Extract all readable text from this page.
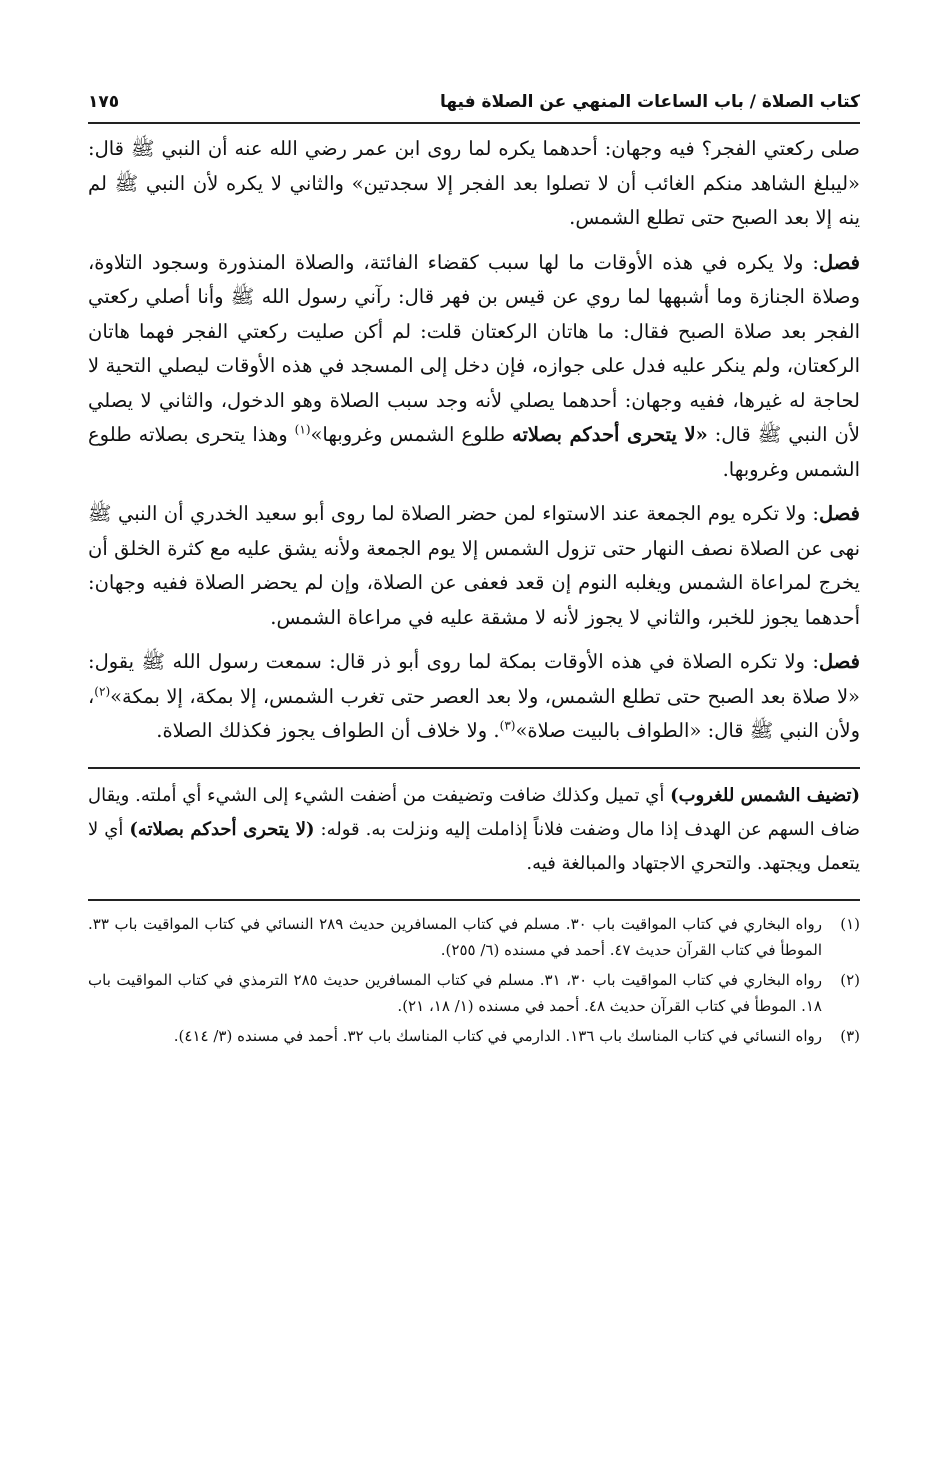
كتاب الصلاة / باب الساعات المنهي عن الصلاة فيها
١٧٥

صلى ركعتي الفجر؟ فيه وجهان: أحدهما يكره لما روى ابن عمر رضي الله عنه أن النبي ﷺ قال: «ليبلغ الشاهد منكم الغائب أن لا تصلوا بعد الفجر إلا سجدتين» والثاني لا يكره لأن النبي ﷺ لم ينه إلا بعد الصبح حتى تطلع الشمس.

فصل: ولا يكره في هذه الأوقات ما لها سبب كقضاء الفائتة، والصلاة المنذورة وسجود التلاوة، وصلاة الجنازة وما أشبهها لما روي عن قيس بن فهر قال: رآني رسول الله ﷺ وأنا أصلي ركعتي الفجر بعد صلاة الصبح فقال: ما هاتان الركعتان قلت: لم أكن صليت ركعتي الفجر فهما هاتان الركعتان، ولم ينكر عليه فدل على جوازه، فإن دخل إلى المسجد في هذه الأوقات ليصلي التحية لا لحاجة له غيرها، ففيه وجهان: أحدهما يصلي لأنه وجد سبب الصلاة وهو الدخول، والثاني لا يصلي لأن النبي ﷺ قال: «لا يتحرى أحدكم بصلاته طلوع الشمس وغروبها»$^{(١)}$ وهذا يتحرى بصلاته طلوع الشمس وغروبها.

فصل: ولا تكره يوم الجمعة عند الاستواء لمن حضر الصلاة لما روى أبو سعيد الخدري أن النبي ﷺ نهى عن الصلاة نصف النهار حتى تزول الشمس إلا يوم الجمعة ولأنه يشق عليه مع كثرة الخلق أن يخرج لمراعاة الشمس ويغلبه النوم إن قعد فعفى عن الصلاة، وإن لم يحضر الصلاة ففيه وجهان: أحدهما يجوز للخبر، والثاني لا يجوز لأنه لا مشقة عليه في مراعاة الشمس.

فصل: ولا تكره الصلاة في هذه الأوقات بمكة لما روى أبو ذر قال: سمعت رسول الله ﷺ يقول: «لا صلاة بعد الصبح حتى تطلع الشمس، ولا بعد العصر حتى تغرب الشمس، إلا بمكة، إلا بمكة»$^{(٢)}$، ولأن النبي ﷺ قال: «الطواف بالبيت صلاة»$^{(٣)}$. ولا خلاف أن الطواف يجوز فكذلك الصلاة.

(تضيف الشمس للغروب) أي تميل وكذلك ضافت وتضيفت من أضفت الشيء إلى الشيء أي أملته. ويقال ضاف السهم عن الهدف إذا مال وضفت فلاناً إذاملت إليه ونزلت به. قوله: (لا يتحرى أحدكم بصلاته) أي لا يتعمل ويجتهد. والتحري الاجتهاد والمبالغة فيه.

(١)رواه البخاري في كتاب المواقيت باب ٣٠. مسلم في كتاب المسافرين حديث ٢٨٩ النسائي في كتاب المواقيت باب ٣٣. الموطأ في كتاب القرآن حديث ٤٧. أحمد في مسنده (٦/ ٢٥٥).

(٢)رواه البخاري في كتاب المواقيت باب ٣٠، ٣١. مسلم في كتاب المسافرين حديث ٢٨٥ الترمذي في كتاب المواقيت باب ١٨. الموطأ في كتاب القرآن حديث ٤٨. أحمد في مسنده (١/ ١٨، ٢١).

(٣)رواه النسائي في كتاب المناسك باب ١٣٦. الدارمي في كتاب المناسك باب ٣٢. أحمد في مسنده (٣/ ٤١٤).
